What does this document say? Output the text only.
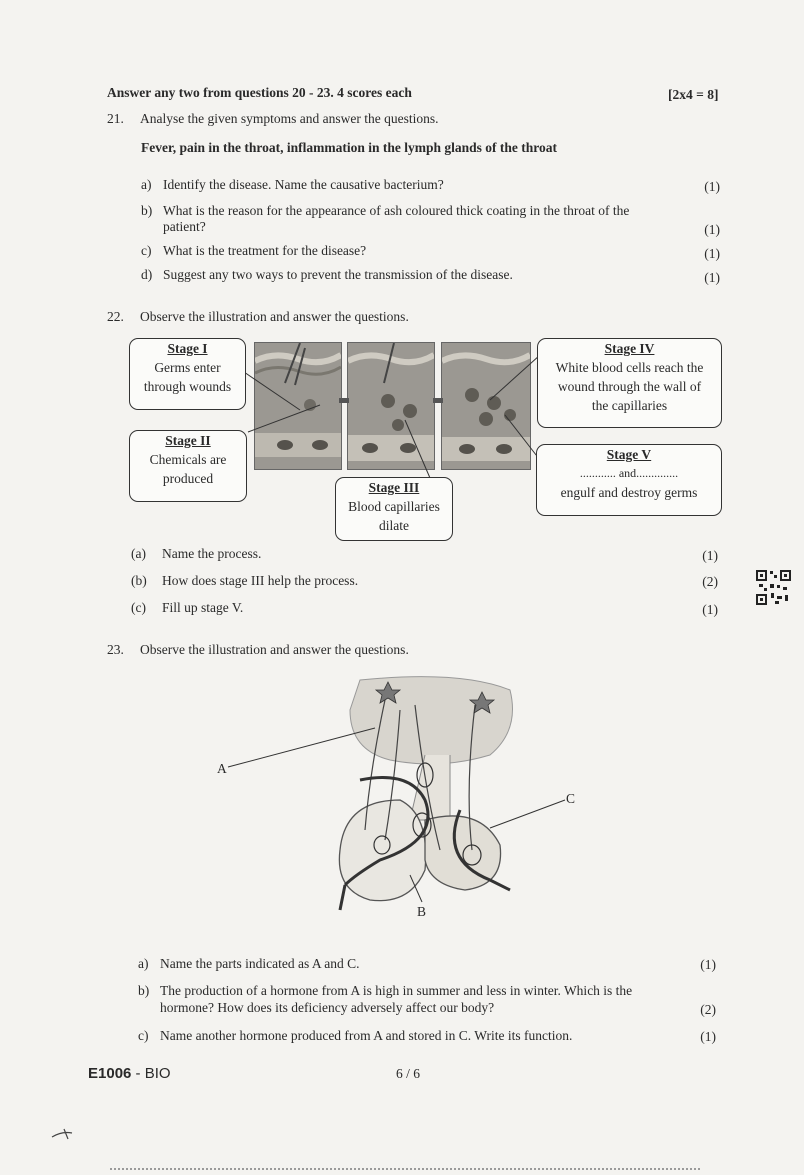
Answer any two from questions 20 - 23. 4 scores each	[2x4 = 8]
21. Analyse the given symptoms and answer the questions.
Fever, pain in the throat, inflammation in the lymph glands of the throat
a) Identify the disease. Name the causative bacterium?	(1)
b) What is the reason for the appearance of ash coloured thick coating in the throat of the
patient?	(1)
c) What is the treatment for the disease?	(1)
d) Suggest any two ways to prevent the transmission of the disease.	(1)
22. Observe the illustration and answer the questions.
Stage I
Germs enter
through wounds
Stage II
Chemicals are
produced
Stage III
Blood capillaries
dilate
Stage IV
White blood cells reach the
wound through the wall of
the capillaries
Stage V
............ and..............
engulf and destroy germs
(a) Name the process.	(1)
(b) How does stage III help the process.	(2)
(c) Fill up stage V.	(1)
23. Observe the illustration and answer the questions.
A
C
B
a) Name the parts indicated as A and C.	(1)
b) The production of a hormone from A is high in summer and less in winter. Which is the
hormone? How does its deficiency adversely affect our body?	(2)
c) Name another hormone produced from A and stored in C. Write its function.	(1)
E1006 - BIO	6 / 6
